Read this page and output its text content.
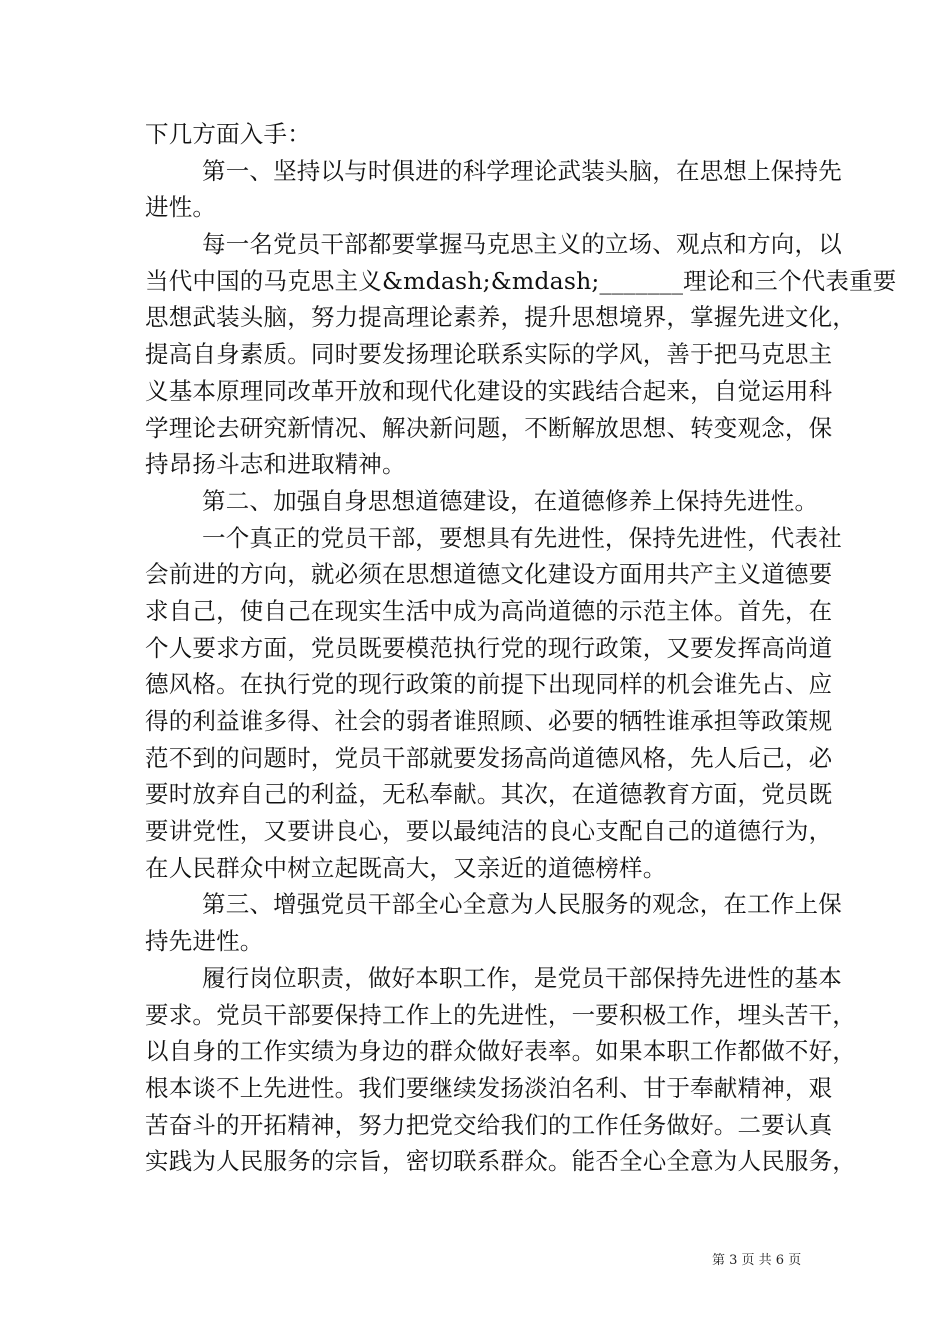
下几方面入手：
第一、坚持以与时俱进的科学理论武装头脑，在思想上保持先
进性。
每一名党员干部都要掌握马克思主义的立场、观点和方向，以
当代中国的马克思主义&mdash;&mdash;_______理论和三个代表重要
思想武装头脑，努力提高理论素养，提升思想境界，掌握先进文化，
提高自身素质。同时要发扬理论联系实际的学风，善于把马克思主
义基本原理同改革开放和现代化建设的实践结合起来，自觉运用科
学理论去研究新情况、解决新问题，不断解放思想、转变观念，保
持昂扬斗志和进取精神。
第二、加强自身思想道德建设，在道德修养上保持先进性。
一个真正的党员干部，要想具有先进性，保持先进性，代表社
会前进的方向，就必须在思想道德文化建设方面用共产主义道德要
求自己，使自己在现实生活中成为高尚道德的示范主体。首先，在
个人要求方面，党员既要模范执行党的现行政策，又要发挥高尚道
德风格。在执行党的现行政策的前提下出现同样的机会谁先占、应
得的利益谁多得、社会的弱者谁照顾、必要的牺牲谁承担等政策规
范不到的问题时，党员干部就要发扬高尚道德风格，先人后己，必
要时放弃自己的利益，无私奉献。其次，在道德教育方面，党员既
要讲党性，又要讲良心，要以最纯洁的良心支配自己的道德行为，
在人民群众中树立起既高大，又亲近的道德榜样。
第三、增强党员干部全心全意为人民服务的观念，在工作上保
持先进性。
履行岗位职责，做好本职工作，是党员干部保持先进性的基本
要求。党员干部要保持工作上的先进性，一要积极工作，埋头苦干，
以自身的工作实绩为身边的群众做好表率。如果本职工作都做不好，
根本谈不上先进性。我们要继续发扬淡泊名利、甘于奉献精神，艰
苦奋斗的开拓精神，努力把党交给我们的工作任务做好。二要认真
实践为人民服务的宗旨，密切联系群众。能否全心全意为人民服务，
第 3 页 共 6 页
